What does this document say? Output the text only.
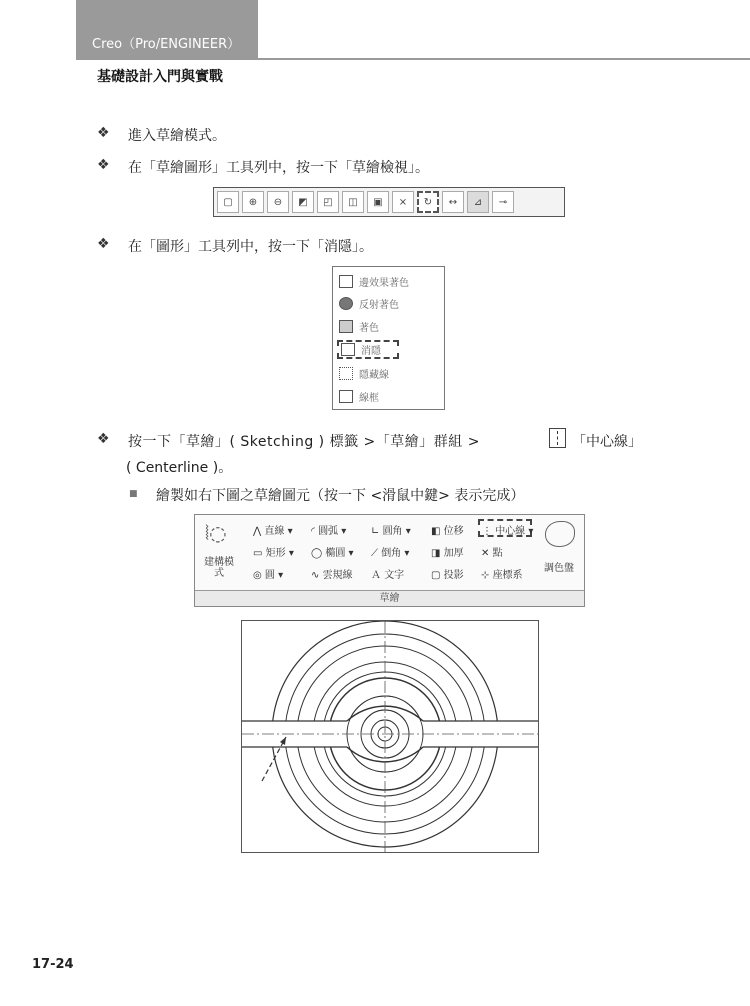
Creo（Pro/ENGINEER）
基礎設計入門與實戰
❖ 進入草繪模式。
❖ 在「草繪圖形」工具列中，按一下「草繪檢視」。
▢	⊕	⊖	◩	◰	◫	▣	⨯	↻	↔	⊿	⊸
❖ 在「圖形」工具列中，按一下「消隱」。
邊效果著色
反射著色
著色
消隱
隱藏線
線框
❖ 按一下「草繪」( Sketching ) 標籤 >「草繪」群組 >	「中心線」
( Centerline )。
■ 繪製如右下圖之草繪圖元（按一下 <滑鼠中鍵> 表示完成）
⦚◌
建構模式
⋀ 直線 ▾
▭ 矩形 ▾
◎ 圓 ▾
◜ 圓弧 ▾
◯ 橢圓 ▾
∿ 雲規線
∟ 圓角 ▾
⟋ 倒角 ▾
Ａ 文字
◧ 位移
◨ 加厚
▢ 投影
⋮ 中心線 ▾
✕ 點
⊹ 座標系
調色盤
草繪
17-24
